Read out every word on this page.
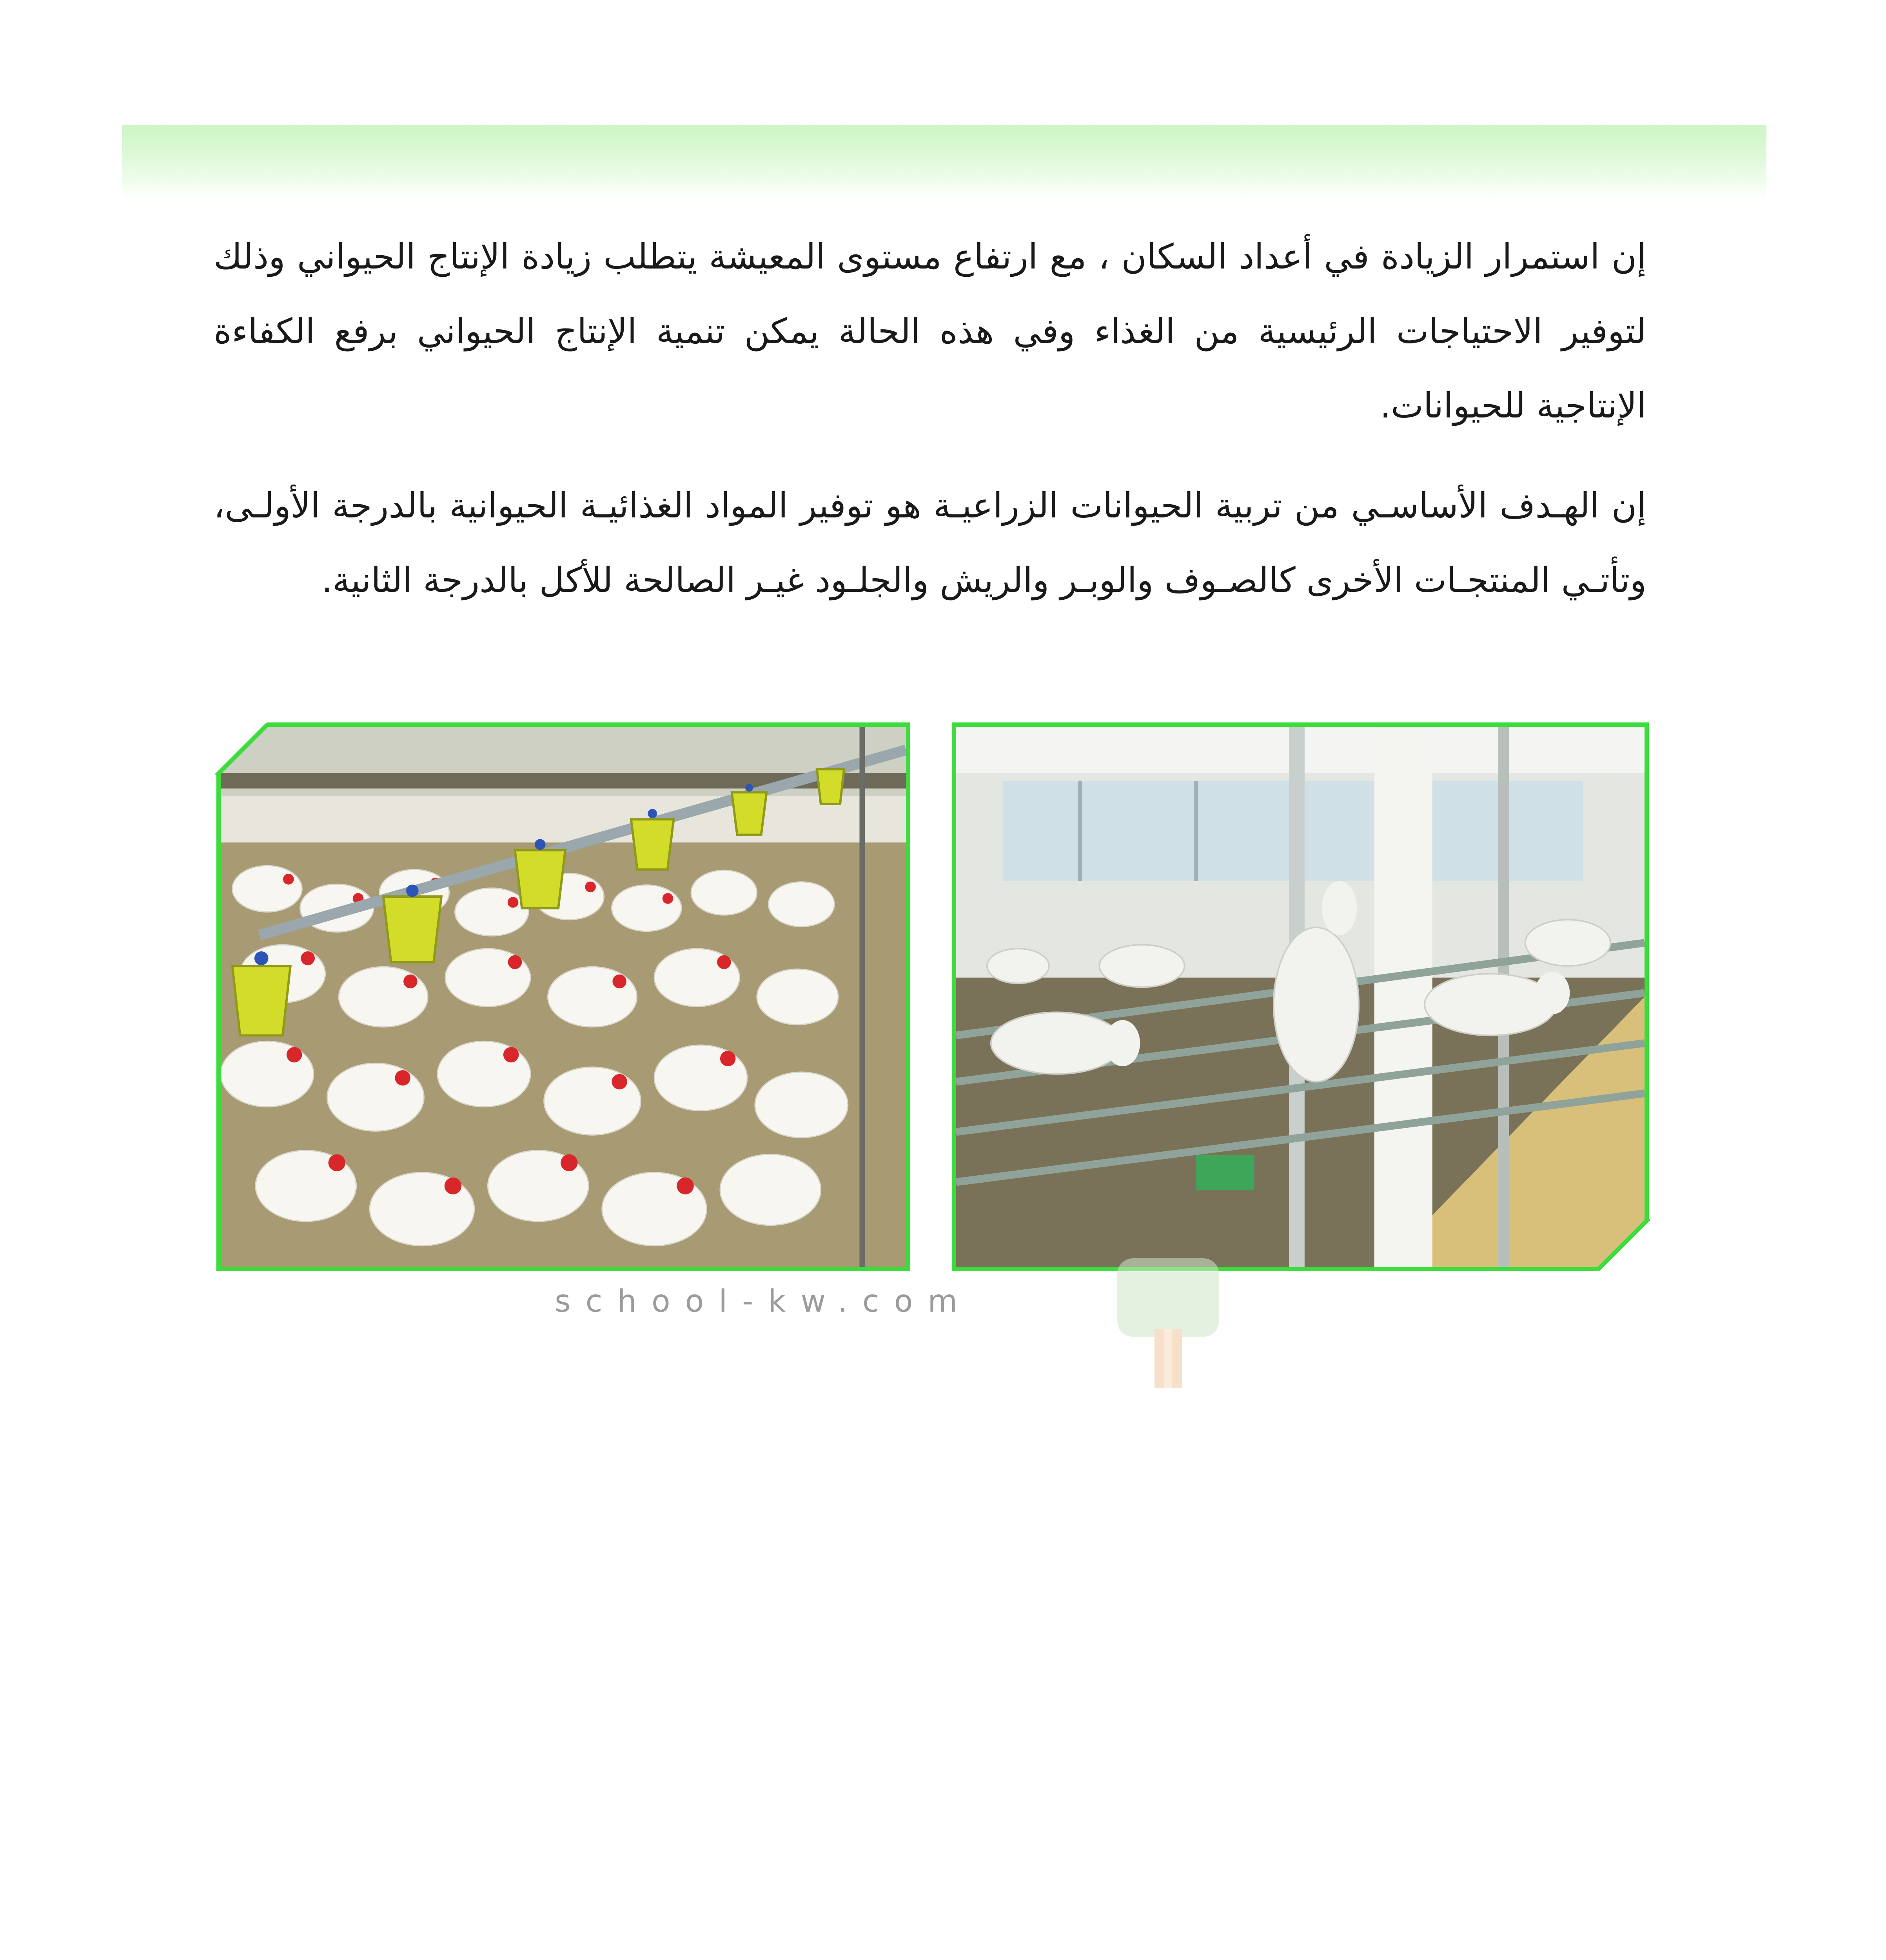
إن استمرار الزيادة في أعداد السكان ، مع ارتفاع مستوى المعيشة يتطلب زيادة الإنتاج الحيواني وذلك لتوفير الاحتياجات الرئيسية من الغذاء وفي هذه الحالة يمكن تنمية الإنتاج الحيواني برفع الكفاءة الإنتاجية للحيوانات.

إن الهـدف الأساسـي من تربية الحيوانات الزراعيـة هو توفير المواد الغذائيـة الحيوانية بالدرجة الأولـى، وتأتـي المنتجـات الأخرى كالصـوف والوبـر والريش والجلـود غيـر الصالحة للأكل بالدرجة الثانية.

school-kw.com
